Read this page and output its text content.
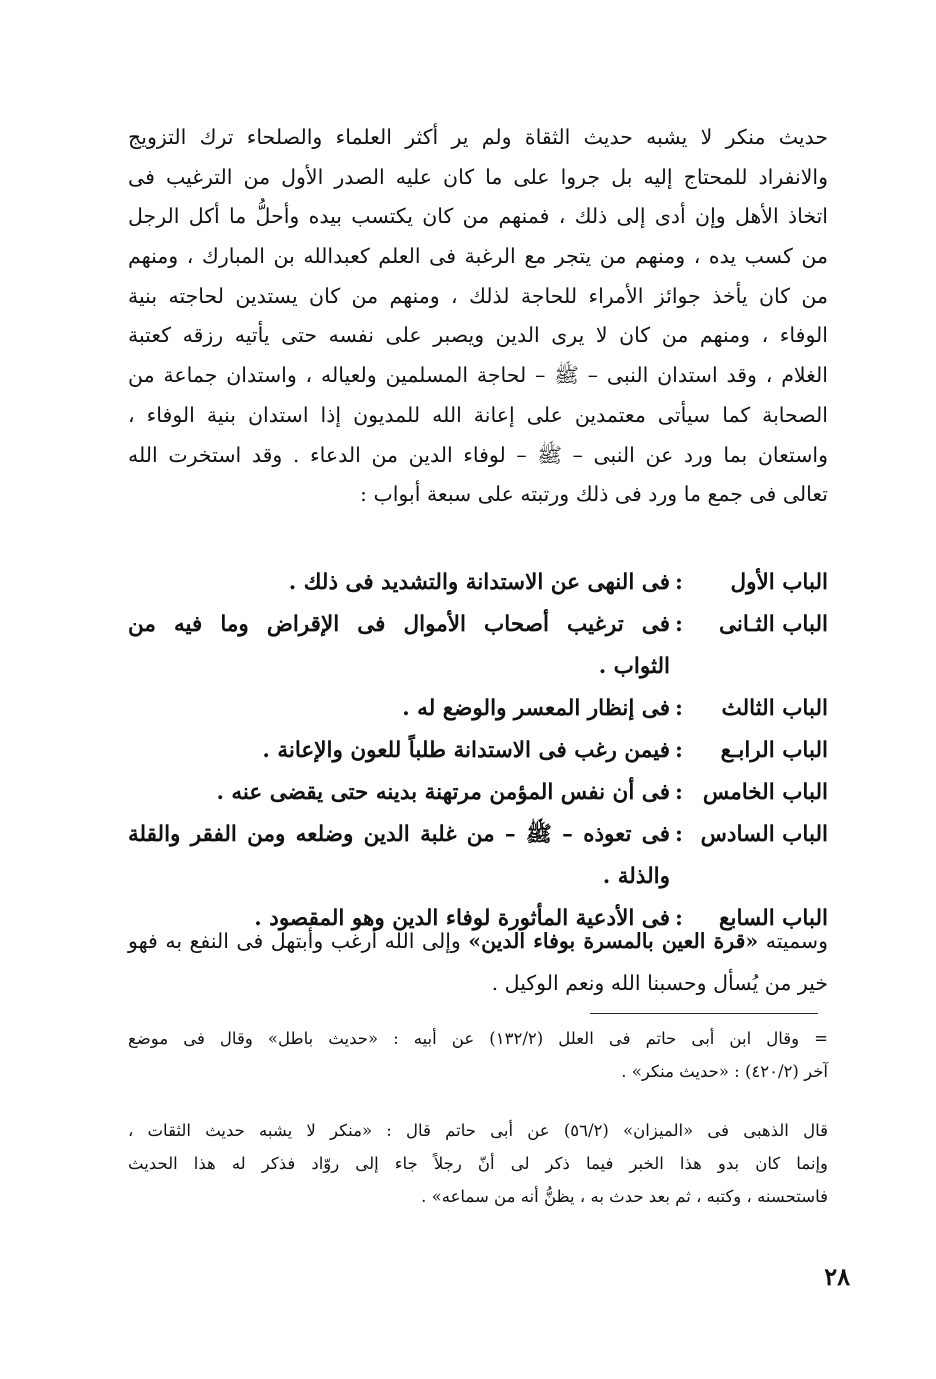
حديث منكر لا يشبه حديث الثقاة ولم ير أكثر العلماء والصلحاء ترك التزويج
والانفراد للمحتاج إليه بل جروا على ما كان عليه الصدر الأول من الترغيب فى
اتخاذ الأهل وإن أدى إلى ذلك ، فمنهم من كان يكتسب بيده وأحلُّ ما أكل الرجل
من كسب يده ، ومنهم من يتجر مع الرغبة فى العلم كعبدالله بن المبارك ، ومنهم
من كان يأخذ جوائز الأمراء للحاجة لذلك ، ومنهم من كان يستدين لحاجته بنية
الوفاء ، ومنهم من كان لا يرى الدين ويصبر على نفسه حتى يأتيه رزقه كعتبة
الغلام ، وقد استدان النبى – ﷺ – لحاجة المسلمين ولعياله ، واستدان جماعة من
الصحابة كما سيأتى معتمدين على إعانة الله للمديون إذا استدان بنية الوفاء ،
واستعان بما ورد عن النبى – ﷺ – لوفاء الدين من الدعاء . وقد استخرت الله
تعالى فى جمع ما ورد فى ذلك ورتبته على سبعة أبواب :
الباب الأول
:
فى النهى عن الاستدانة والتشديد فى ذلك .
الباب الثـانى
:
فى ترغيب أصحاب الأموال فى الإقراض وما فيه من
الثواب .
الباب الثالث
:
فى إنظار المعسر والوضع له .
الباب الرابـع
:
فيمن رغب فى الاستدانة طلباً للعون والإعانة .
الباب الخامس
:
فى أن نفس المؤمن مرتهنة بدينه حتى يقضى عنه .
الباب السادس
:
فى تعوذه – ﷺ – من غلبة الدين وضلعه ومن الفقر والقلة
والذلة .
الباب السابع
:
فى الأدعية المأثورة لوفاء الدين وهو المقصود .
وسميته «قرة العين بالمسرة بوفاء الدين» وإلى الله أرغب وأبتهل فى النفع به فهو
خير من يُسأل وحسبنا الله ونعم الوكيل .
= وقال ابن أبى حاتم فى العلل (١٣٢/٢) عن أبيه : «حديث باطل» وقال فى موضع
آخر (٤٢٠/٢) : «حديث منكر» .
قال الذهبى فى «الميزان» (٥٦/٢) عن أبى حاتم قال : «منكر لا يشبه حديث الثقات ،
وإنما كان بدو هذا الخبر فيما ذكر لى أنّ رجلاً جاء إلى روّاد فذكر له هذا الحديث
فاستحسنه ، وكتبه ، ثم بعد حدث به ، يظنُّ أنه من سماعه» .
٢٨
